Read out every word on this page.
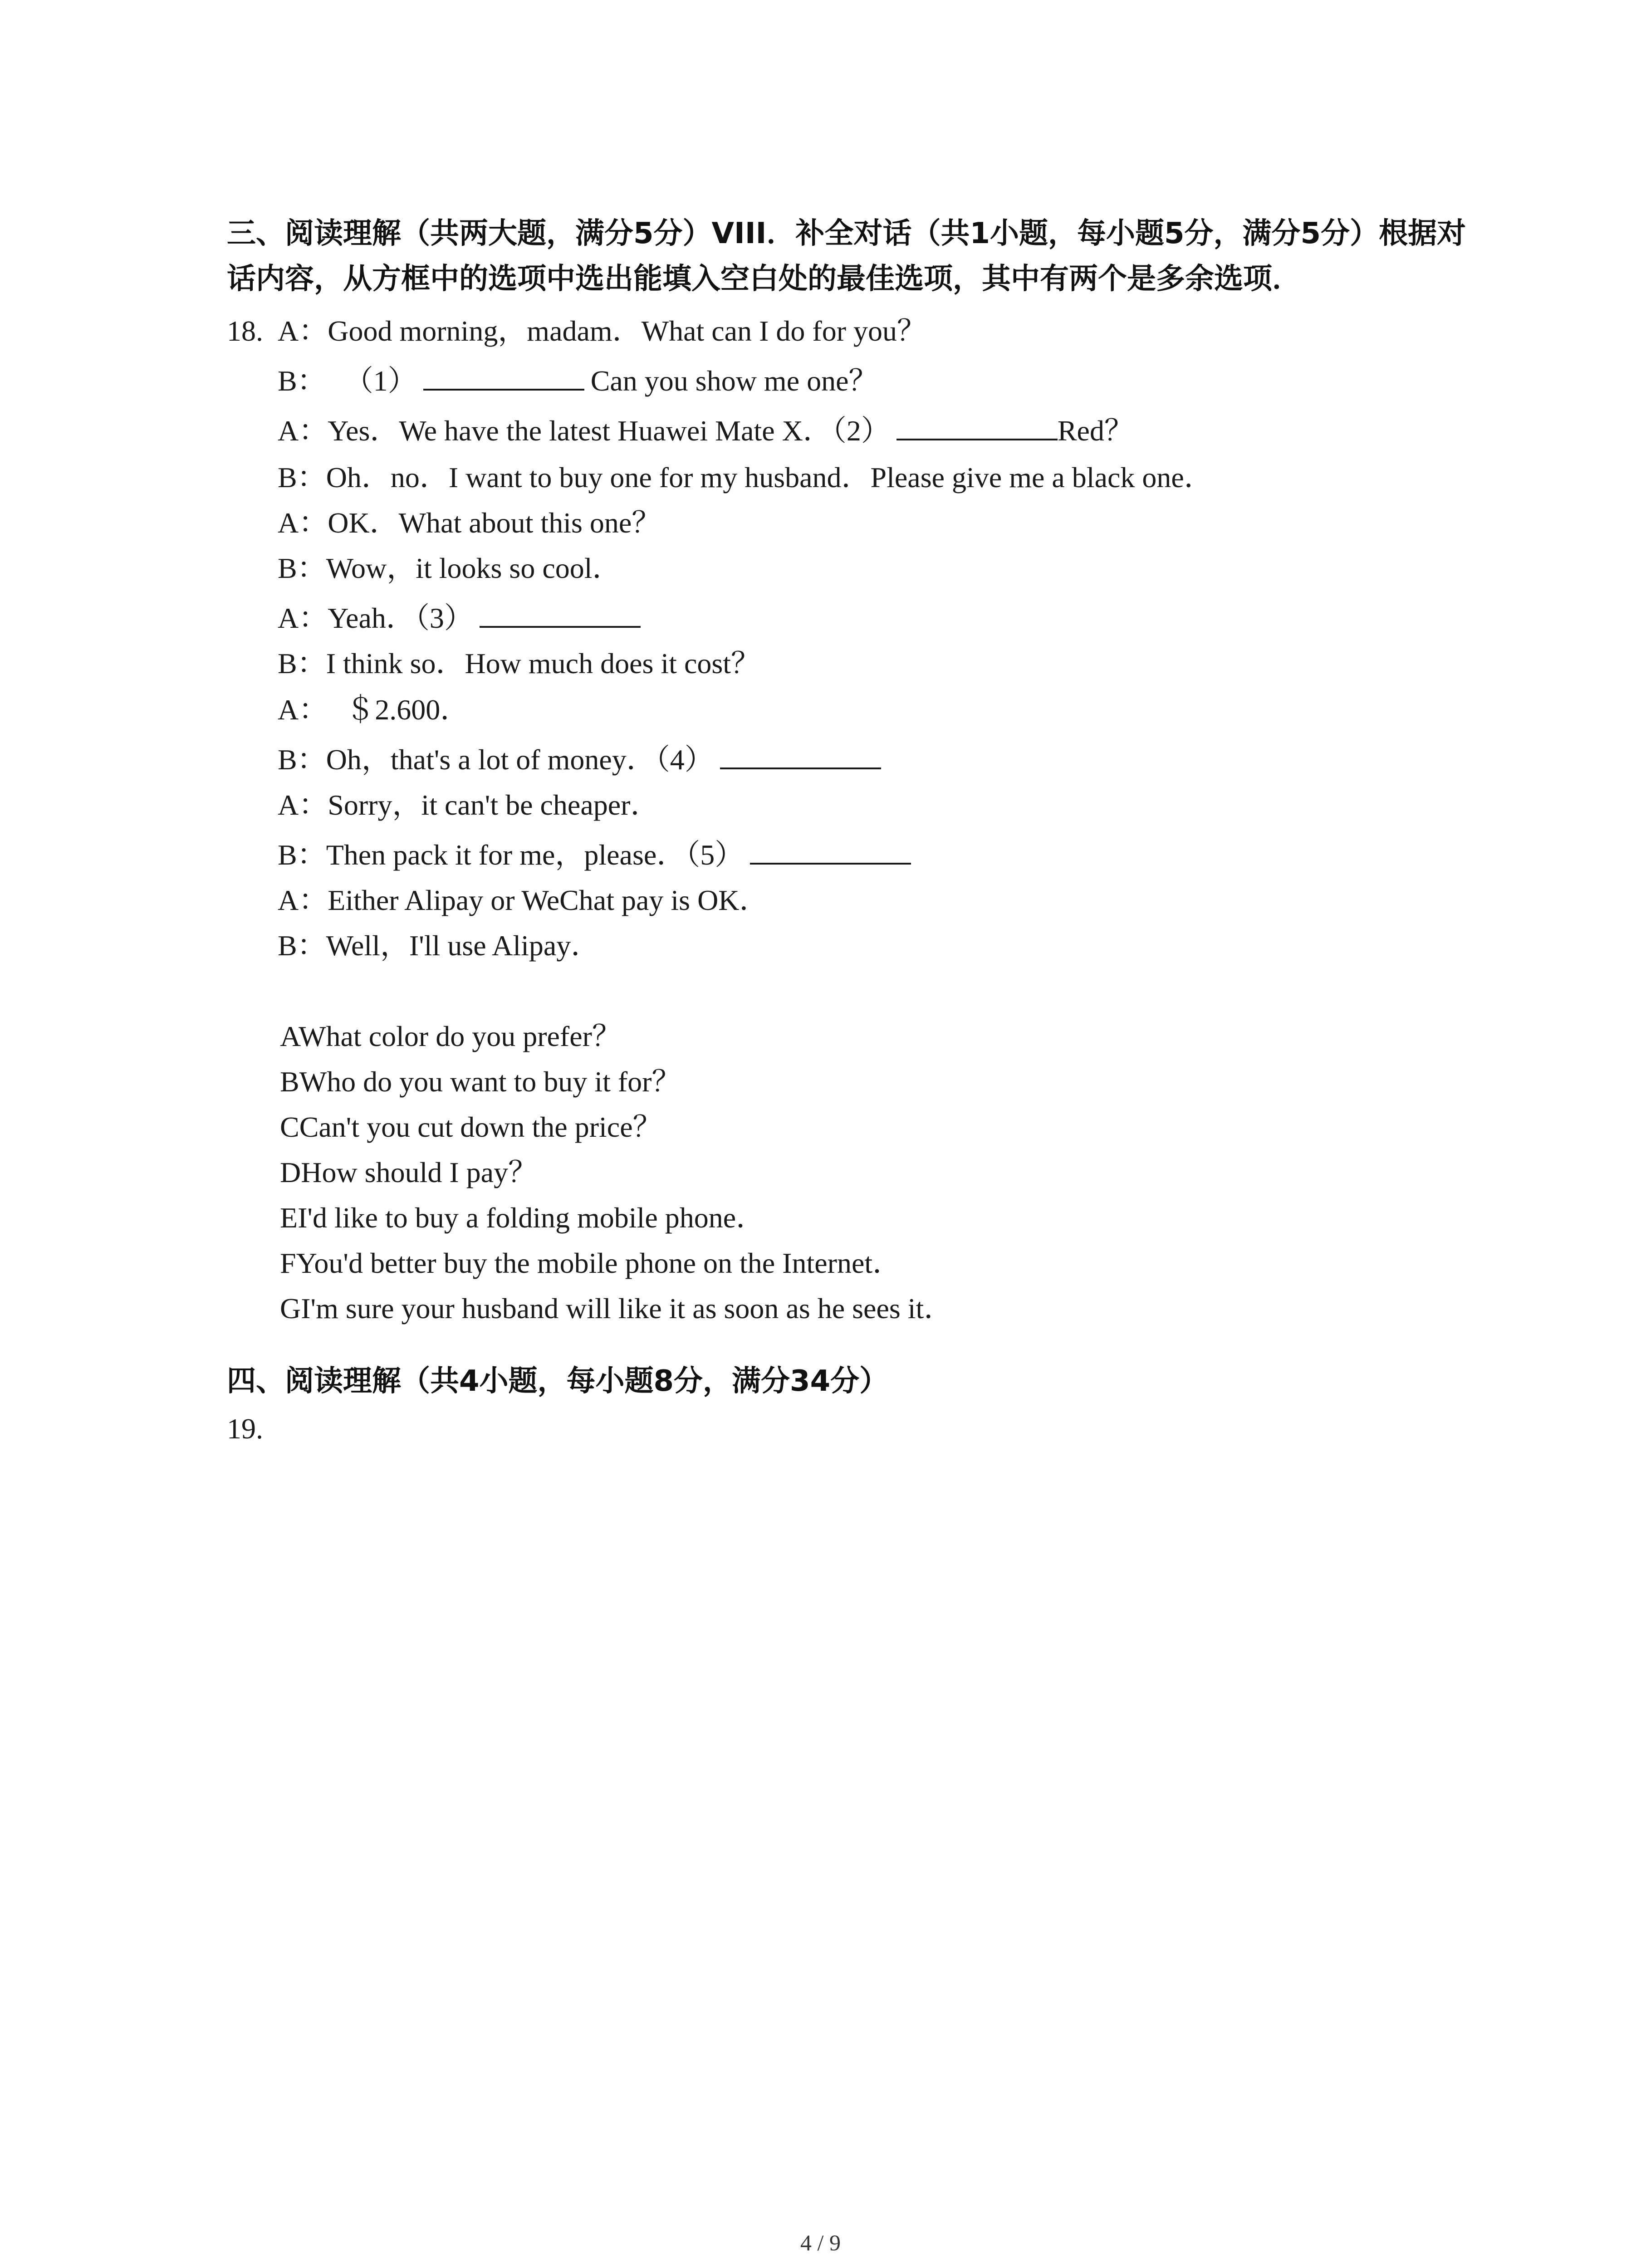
三、阅读理解（共两大题，满分5分）VIII．补全对话（共1小题，每小题5分，满分5分）根据对话内容，从方框中的选项中选出能填入空白处的最佳选项，其中有两个是多余选项．

18. A：Good morning，madam．What can I do for you？
B： （1）	Can you show me one？
A：Yes．We have the latest Huawei Mate X．（2）	Red？
B：Oh．no．I want to buy one for my husband．Please give me a black one．
A：OK．What about this one？
B：Wow，it looks so cool．
A：Yeah．（3）
B：I think so．How much does it cost？
A： ＄2.600．
B：Oh，that's a lot of money．（4）
A：Sorry，it can't be cheaper．
B：Then pack it for me，please．（5）
A：Either Alipay or WeChat pay is OK．
B：Well，I'll use Alipay．
AWhat color do you prefer？
BWho do you want to buy it for？
CCan't you cut down the price？
DHow should I pay？
EI'd like to buy a folding mobile phone．
FYou'd better buy the mobile phone on the Internet．
GI'm sure your husband will like it as soon as he sees it．

四、阅读理解（共4小题，每小题8分，满分34分）

19.
4 / 9
